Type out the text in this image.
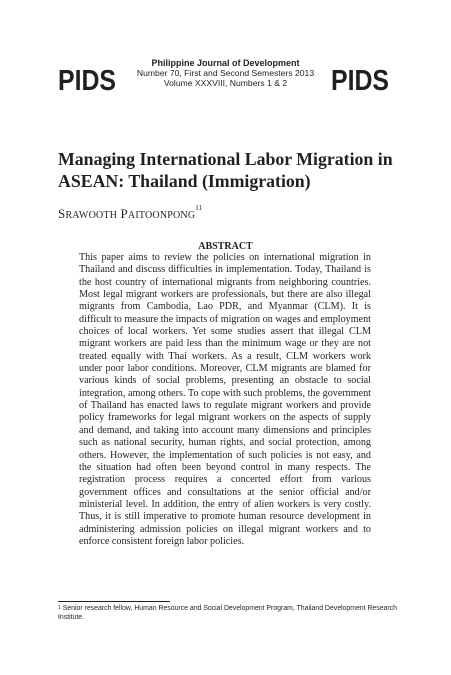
PIDS
Philippine Journal of Development
Number 70, First and Second Semesters 2013
Volume XXXVIII, Numbers 1 & 2	PIDS
Managing International Labor Migration in ASEAN: Thailand (Immigration)
SRAWOOTH PAITOONPONG$^{11}$
ABSTRACT
This paper aims to review the policies on international migration in Thailand and discuss difficulties in implementation. Today, Thailand is the host country of international migrants from neighboring countries. Most legal migrant workers are professionals, but there are also illegal migrants from Cambodia, Lao PDR, and Myanmar (CLM). It is difficult to measure the impacts of migration on wages and employment choices of local workers. Yet some studies assert that illegal CLM migrant workers are paid less than the minimum wage or they are not treated equally with Thai workers. As a result, CLM workers work under poor labor conditions. Moreover, CLM migrants are blamed for various kinds of social problems, presenting an obstacle to social integration, among others. To cope with such problems, the government of Thailand has enacted laws to regulate migrant workers and provide policy frameworks for legal migrant workers on the aspects of supply and demand, and taking into account many dimensions and principles such as national security, human rights, and social protection, among others. However, the implementation of such policies is not easy, and the situation had often been beyond control in many respects. The registration process requires a concerted effort from various government offices and consultations at the senior official and/or ministerial level. In addition, the entry of alien workers is very costly. Thus, it is still imperative to promote human resource development in administering admission policies on illegal migrant workers and to enforce consistent foreign labor policies.
$^1$ Senior research fellow, Human Resource and Social Development Program, Thailand Development Research Institute.
